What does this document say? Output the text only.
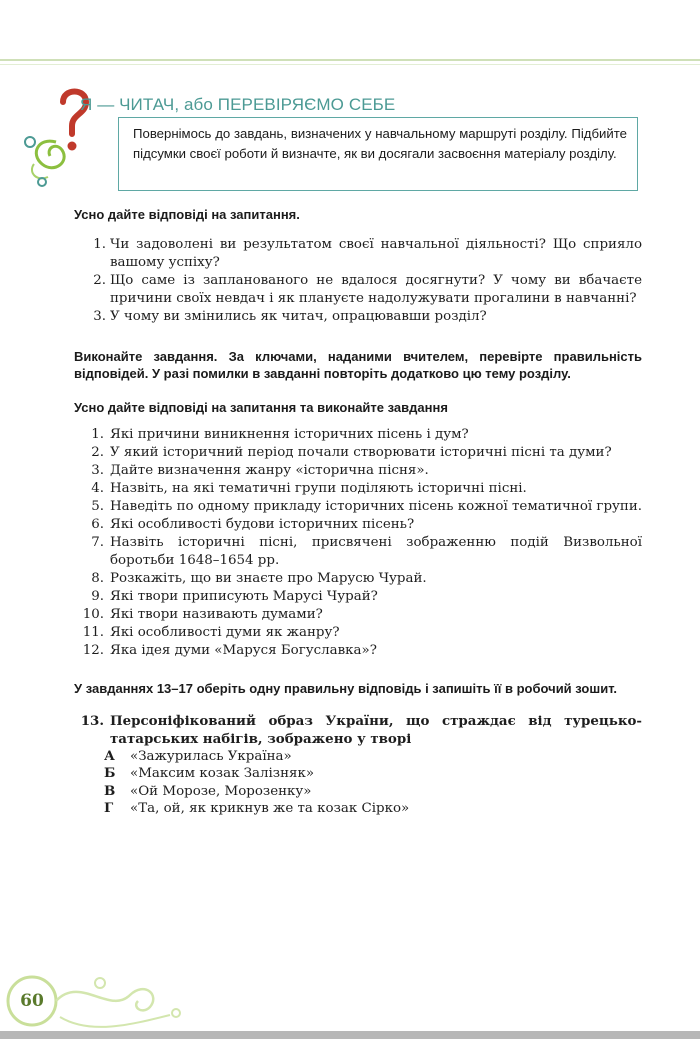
Я — ЧИТАЧ, або ПЕРЕВІРЯЄМО СЕБЕ
Повернімось до завдань, визначених у навчальному маршруті розділу. Підбийте підсумки своєї роботи й визначте, як ви досягали засвоєння матеріалу розділу.

Усно дайте відповіді на запитання.

1. Чи задоволені ви результатом своєї навчальної діяльності? Що сприяло вашому успіху?
2. Що саме із запланованого не вдалося досягнути? У чому ви вбачаєте причини своїх невдач і як плануєте надолужувати прогалини в навчанні?
3. У чому ви змінились як читач, опрацювавши розділ?

Виконайте завдання. За ключами, наданими вчителем, перевірте правильність відповідей. У разі помилки в завданні повторіть додатково цю тему розділу.

Усно дайте відповіді на запитання та виконайте завдання

1. Які причини виникнення історичних пісень і дум?
2. У який історичний період почали створювати історичні пісні та думи?
3. Дайте визначення жанру «історична пісня».
4. Назвіть, на які тематичні групи поділяють історичні пісні.
5. Наведіть по одному прикладу історичних пісень кожної тематичної групи.
6. Які особливості будови історичних пісень?
7. Назвіть історичні пісні, присвячені зображенню подій Визвольної боротьби 1648–1654 рр.
8. Розкажіть, що ви знаєте про Марусю Чурай.
9. Які твори приписують Марусі Чурай?
10. Які твори називають думами?
11. Які особливості думи як жанру?
12. Яка ідея думи «Маруся Богуславка»?

У завданнях 13–17 оберіть одну правильну відповідь і запишіть її в робочий зошит.

13. Персоніфікований образ України, що страждає від турецько-татарських набігів, зображено у творі
А «Зажурилась Україна»
Б «Максим козак Залізняк»
В «Ой Морозе, Морозенку»
Г «Та, ой, як крикнув же та козак Сірко»
60
